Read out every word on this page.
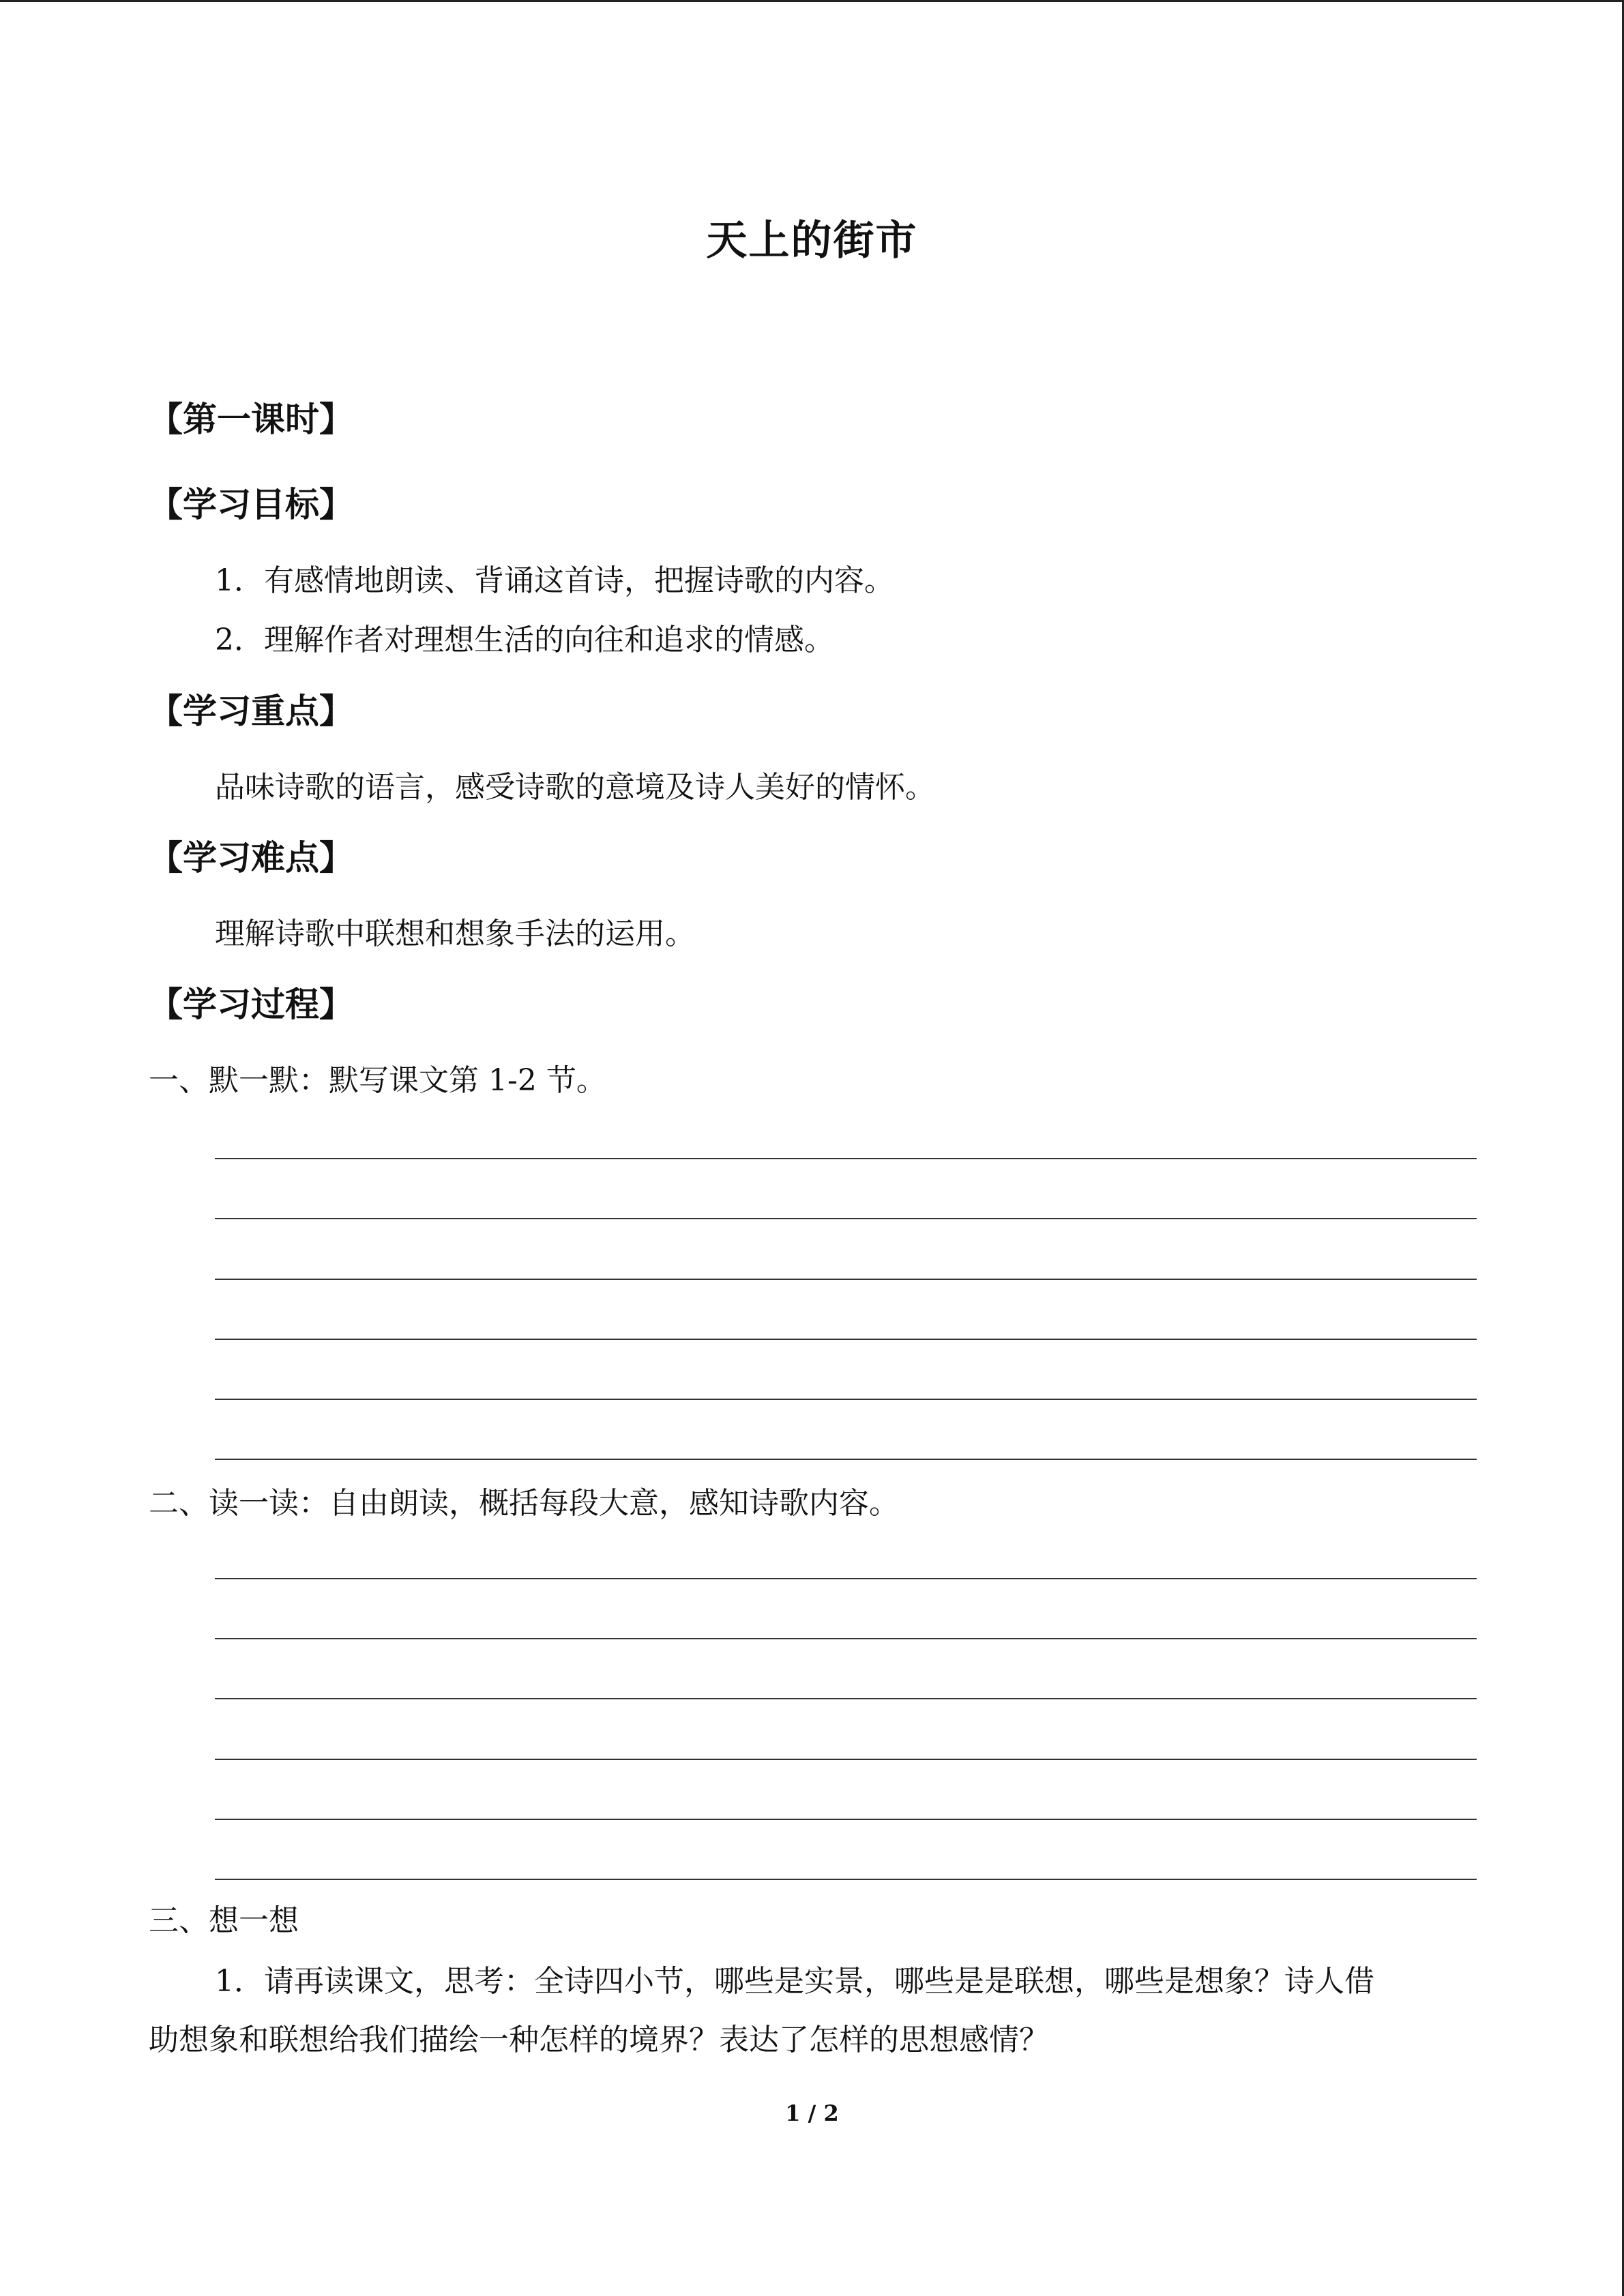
天上的街市
【第一课时】
【学习目标】
1．有感情地朗读、背诵这首诗，把握诗歌的内容。
2．理解作者对理想生活的向往和追求的情感。
【学习重点】
品味诗歌的语言，感受诗歌的意境及诗人美好的情怀。
【学习难点】
理解诗歌中联想和想象手法的运用。
【学习过程】
一、默一默：默写课文第 1-2 节。
二、读一读：自由朗读，概括每段大意，感知诗歌内容。
三、想一想
1．请再读课文，思考：全诗四小节，哪些是实景，哪些是是联想，哪些是想象？诗人借
助想象和联想给我们描绘一种怎样的境界？表达了怎样的思想感情？
1 / 2
